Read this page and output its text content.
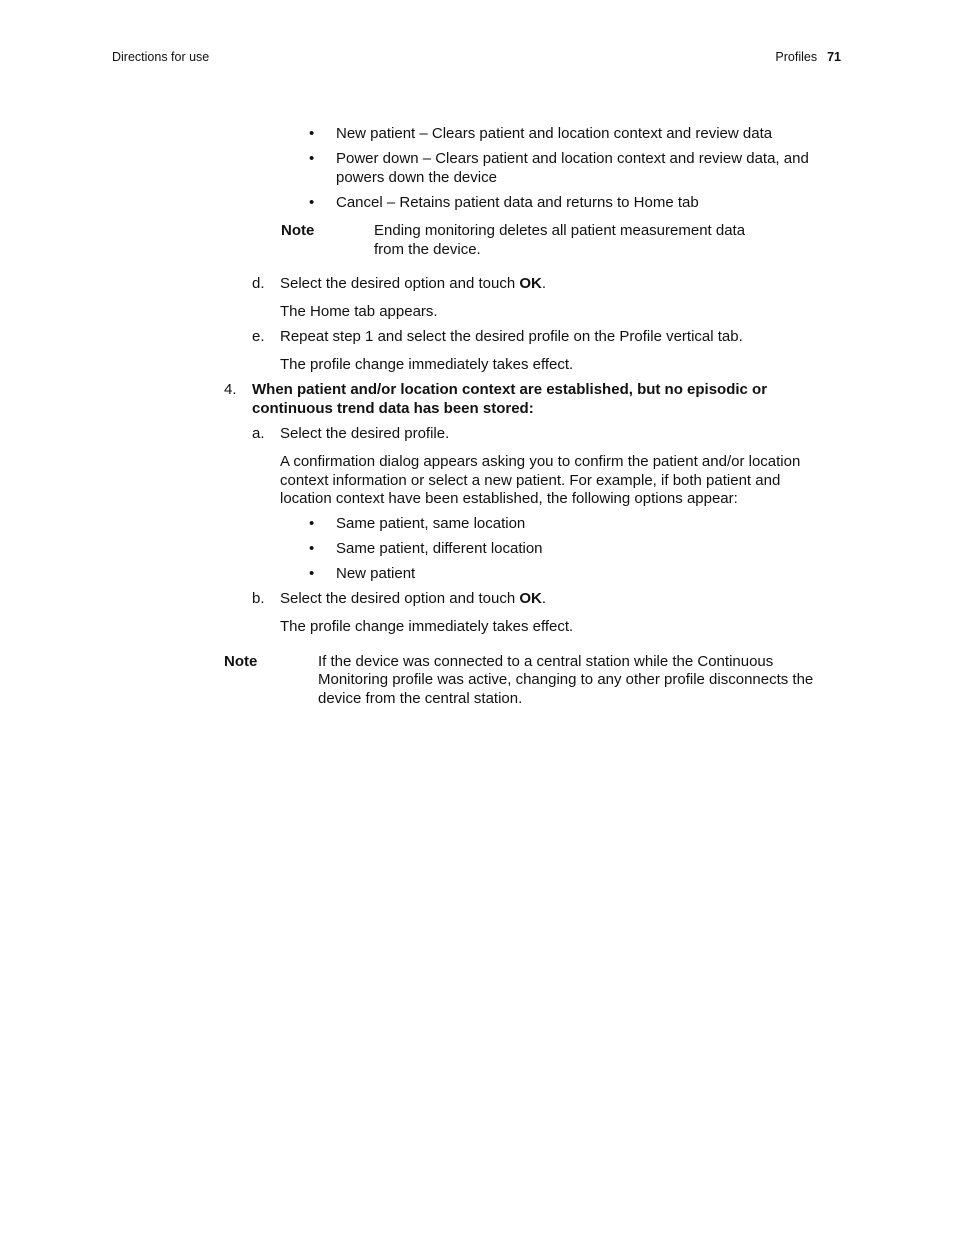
Directions for use	Profiles 71
• New patient – Clears patient and location context and review data
• Power down – Clears patient and location context and review data, and
powers down the device
• Cancel – Retains patient data and returns to Home tab
Note	Ending monitoring deletes all patient measurement data
from the device.
d. Select the desired option and touch OK.
The Home tab appears.
e. Repeat step 1 and select the desired profile on the Profile vertical tab.
The profile change immediately takes effect.
4. When patient and/or location context are established, but no episodic or
continuous trend data has been stored:
a. Select the desired profile.
A confirmation dialog appears asking you to confirm the patient and/or location
context information or select a new patient. For example, if both patient and
location context have been established, the following options appear:
• Same patient, same location
• Same patient, different location
• New patient
b. Select the desired option and touch OK.
The profile change immediately takes effect.
Note	If the device was connected to a central station while the Continuous
Monitoring profile was active, changing to any other profile disconnects the
device from the central station.
